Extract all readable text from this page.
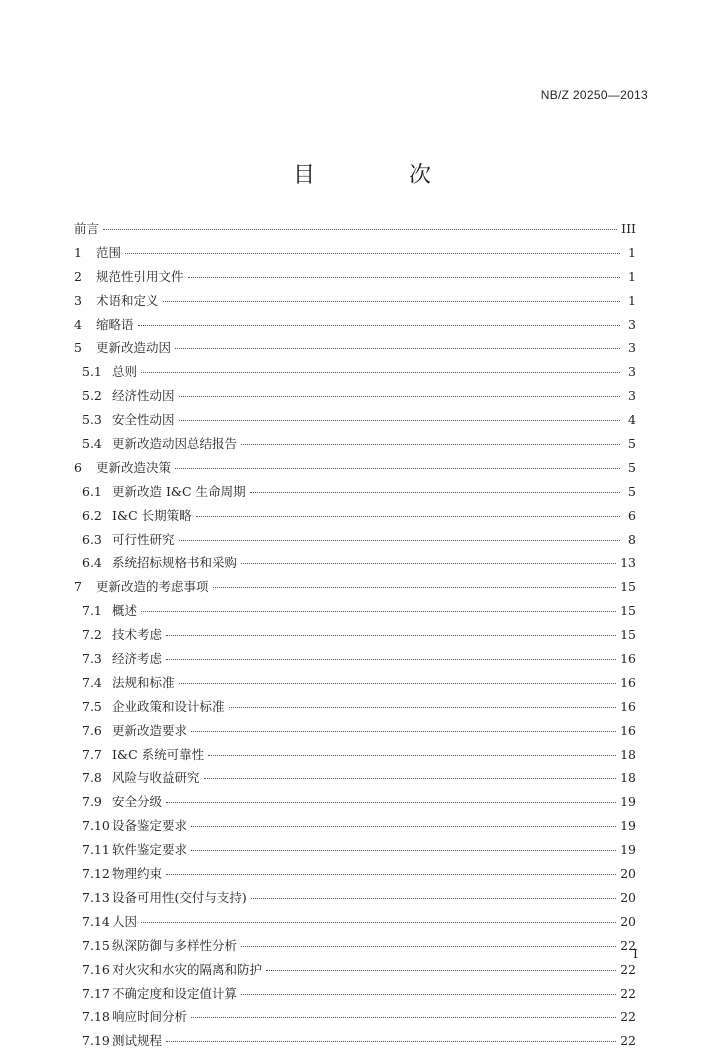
NB/Z 20250—2013
目　次
前言	III
1	范围	1
2	规范性引用文件	1
3	术语和定义	1
4	缩略语	3
5	更新改造动因	3
5.1 总则	3
5.2 经济性动因	3
5.3 安全性动因	4
5.4 更新改造动因总结报告	5
6	更新改造决策	5
6.1 更新改造 I&C 生命周期	5
6.2 I&C 长期策略	6
6.3 可行性研究	8
6.4 系统招标规格书和采购	13
7	更新改造的考虑事项	15
7.1 概述	15
7.2 技术考虑	15
7.3 经济考虑	16
7.4 法规和标准	16
7.5 企业政策和设计标准	16
7.6 更新改造要求	16
7.7 I&C 系统可靠性	18
7.8 风险与收益研究	18
7.9 安全分级	19
7.10 设备鉴定要求	19
7.11 软件鉴定要求	19
7.12 物理约束	20
7.13 设备可用性(交付与支持)	20
7.14 人因	20
7.15 纵深防御与多样性分析	22
7.16 对火灾和水灾的隔离和防护	22
7.17 不确定度和设定值计算	22
7.18 响应时间分析	22
7.19 测试规程	22
I
